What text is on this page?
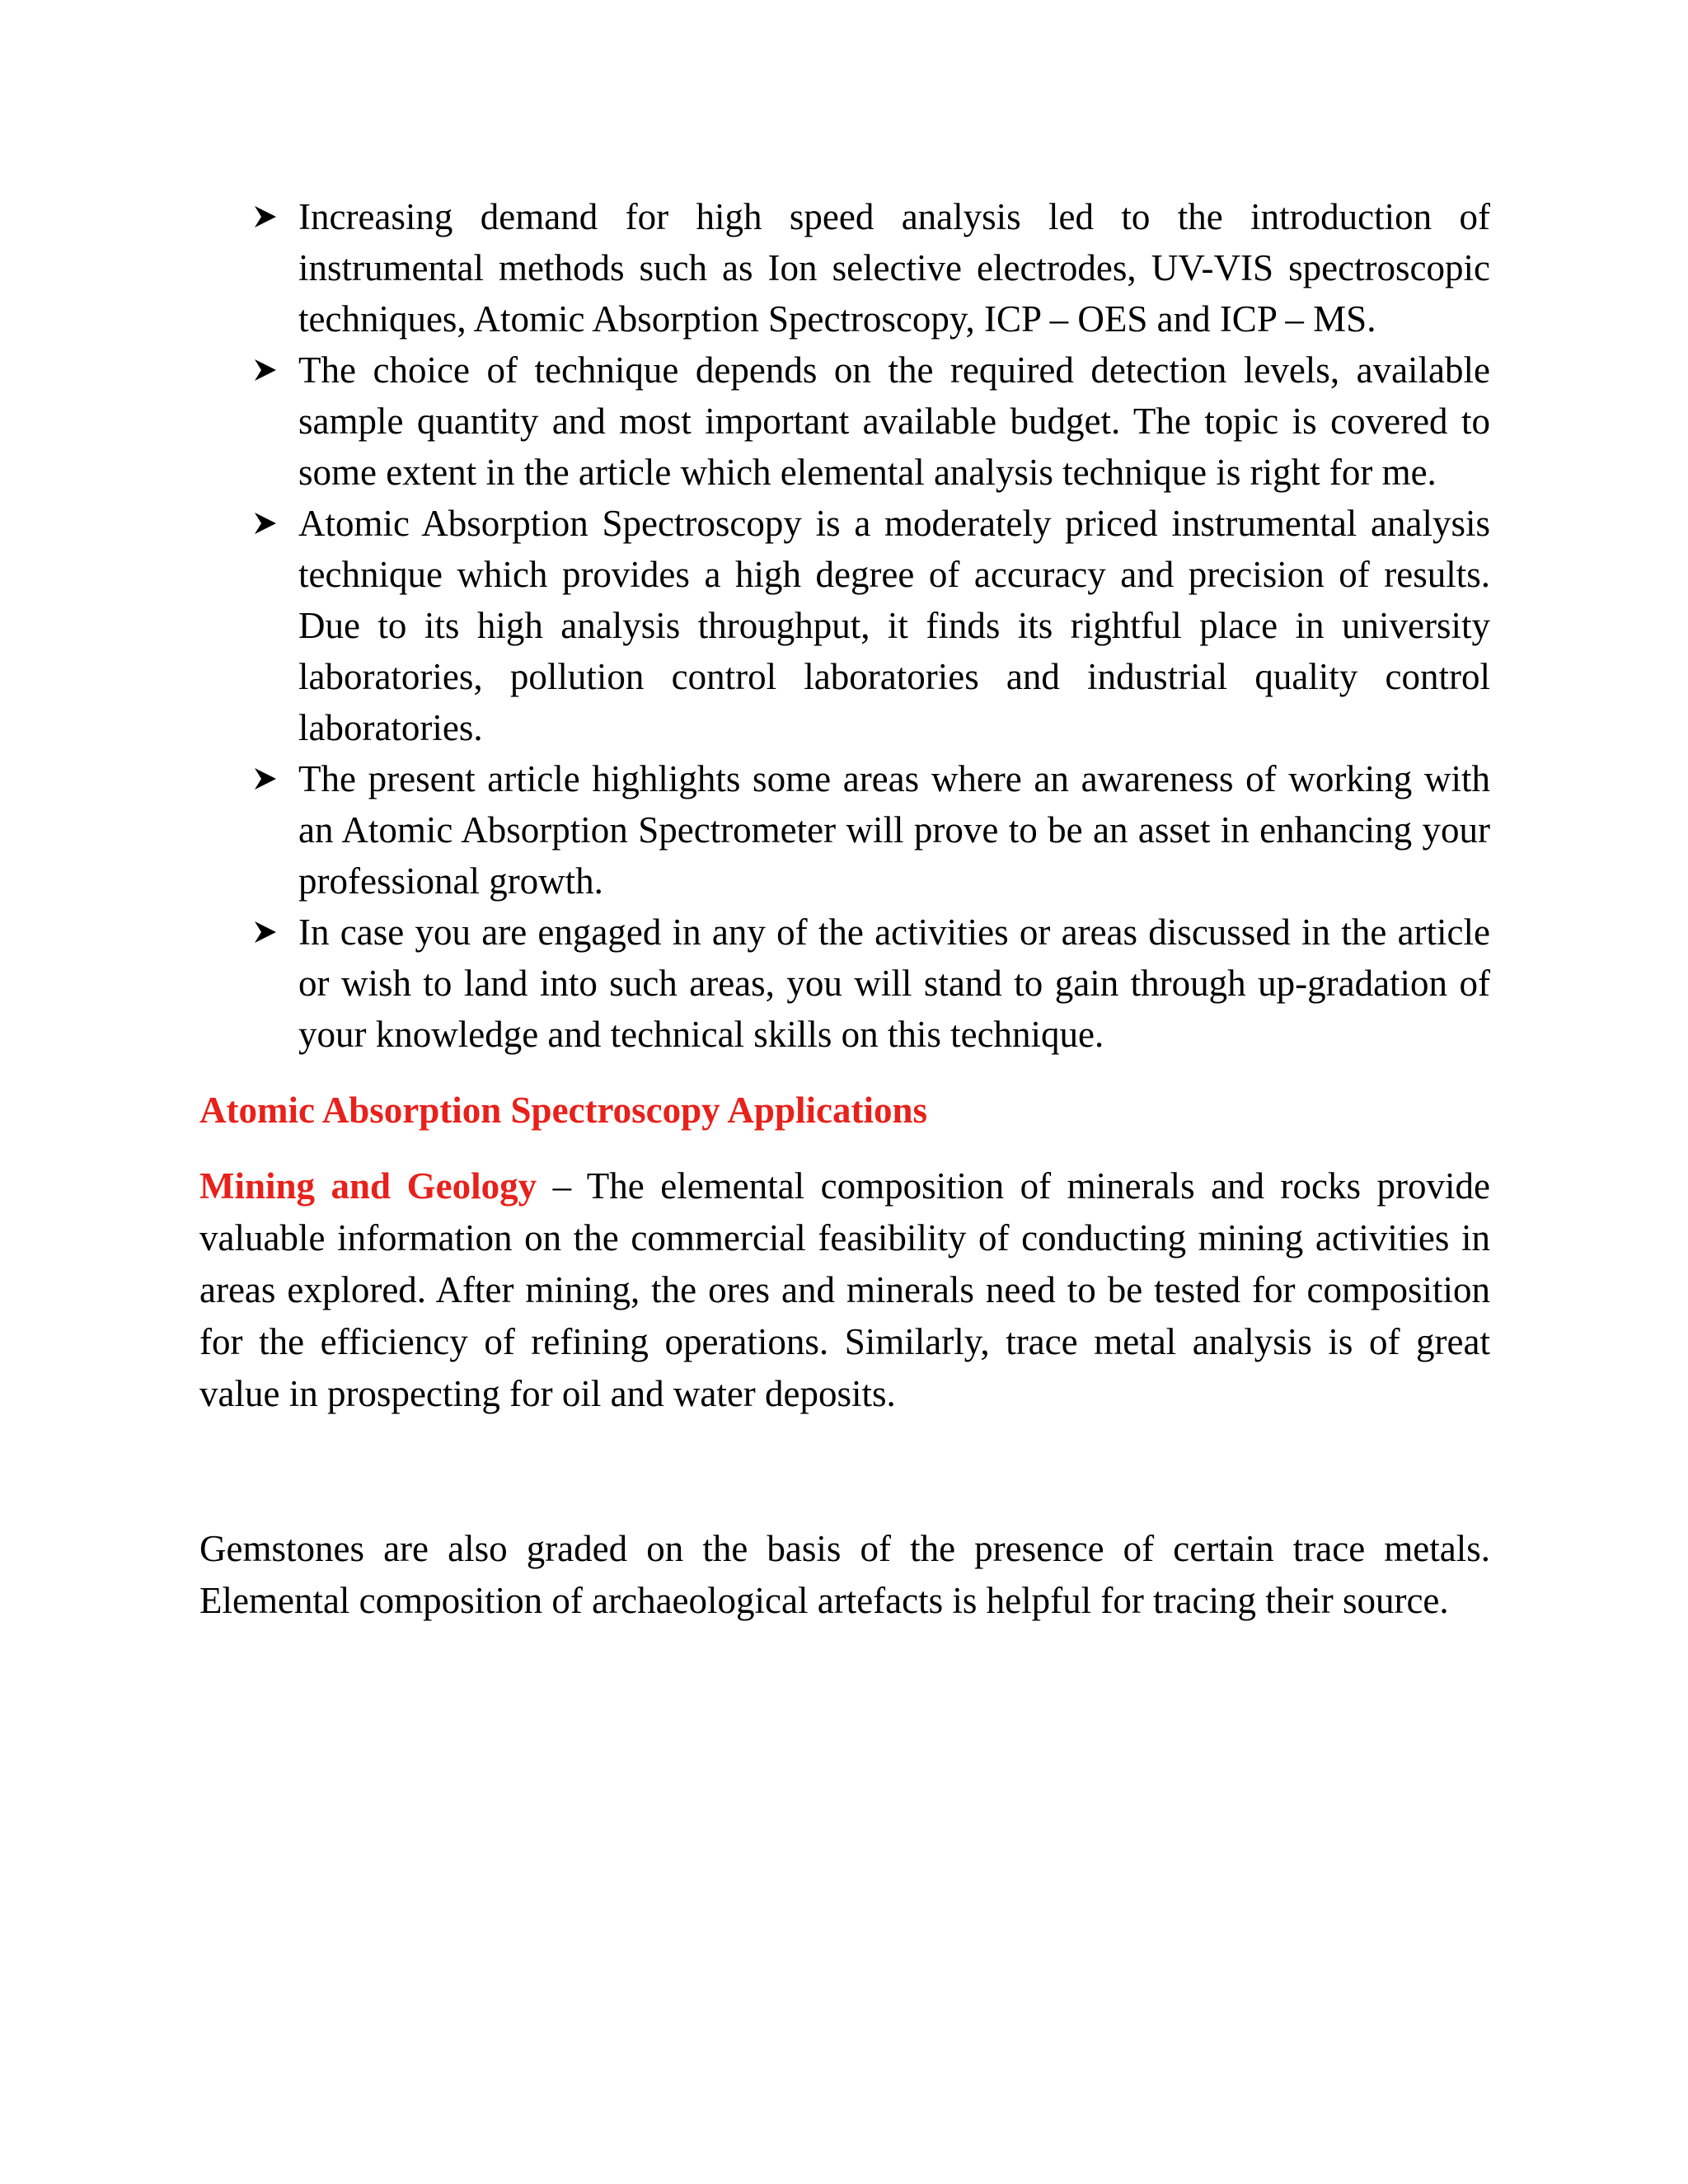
Increasing demand for high speed analysis led to the introduction of instrumental methods such as Ion selective electrodes, UV-VIS spectroscopic techniques, Atomic Absorption Spectroscopy, ICP – OES and ICP – MS.
The choice of technique depends on the required detection levels, available sample quantity and most important available budget. The topic is covered to some extent in the article which elemental analysis technique is right for me.
Atomic Absorption Spectroscopy is a moderately priced instrumental analysis technique which provides a high degree of accuracy and precision of results. Due to its high analysis throughput, it finds its rightful place in university laboratories, pollution control laboratories and industrial quality control laboratories.
The present article highlights some areas where an awareness of working with an Atomic Absorption Spectrometer will prove to be an asset in enhancing your professional growth.
In case you are engaged in any of the activities or areas discussed in the article or wish to land into such areas, you will stand to gain through up-gradation of your knowledge and technical skills on this technique.
Atomic Absorption Spectroscopy Applications

Mining and Geology – The elemental composition of minerals and rocks provide valuable information on the commercial feasibility of conducting mining activities in areas explored. After mining, the ores and minerals need to be tested for composition for the efficiency of refining operations. Similarly, trace metal analysis is of great value in prospecting for oil and water deposits.

Gemstones are also graded on the basis of the presence of certain trace metals. Elemental composition of archaeological artefacts is helpful for tracing their source.
